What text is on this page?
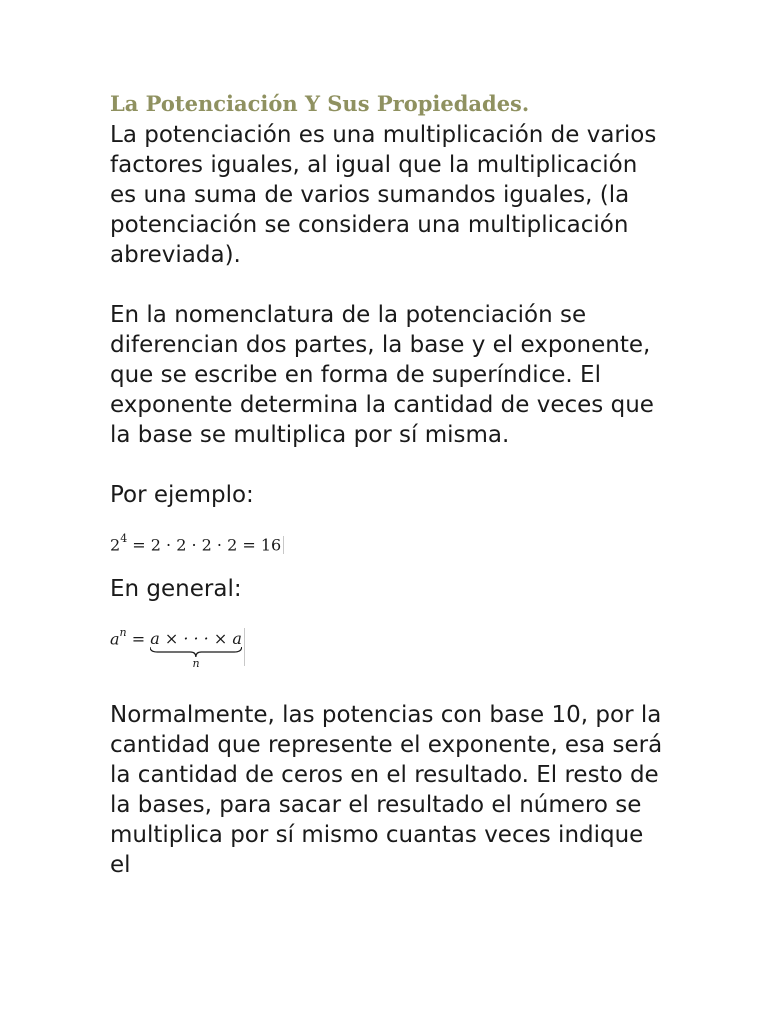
La Potenciación Y Sus Propiedades.

La potenciación es una multiplicación de varios factores iguales, al igual que la multiplicación es una suma de varios sumandos iguales, (la potenciación se considera una multiplicación abreviada).

En la nomenclatura de la potenciación se diferencian dos partes, la base y el exponente, que se escribe en forma de superíndice. El exponente determina la cantidad de veces que la base se multiplica por sí misma.

Por ejemplo:

$2^4 = 2 \cdot 2 \cdot 2 \cdot 2 = 16$

En general:

$a^n = a$ × · · · × a
n

Normalmente, las potencias con base 10, por la cantidad que represente el exponente, esa será la cantidad de ceros en el resultado. El resto de la bases, para sacar el resultado el número se multiplica por sí mismo cuantas veces indique el
